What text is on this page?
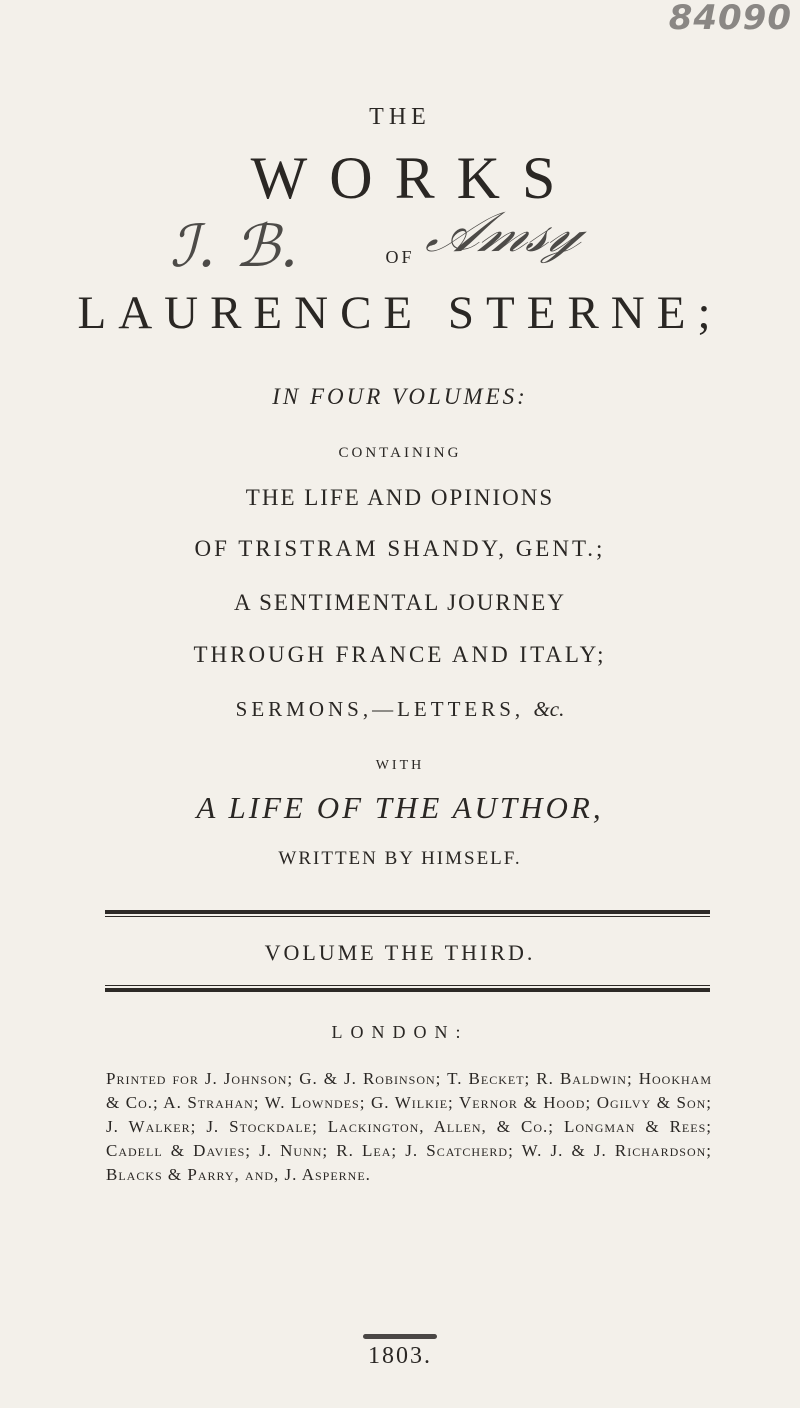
84090
THE
WORKS
ℐ. ℬ.	OF 𝒜𝓂𝓈𝓎
LAURENCE STERNE;
IN FOUR VOLUMES:
CONTAINING
THE LIFE AND OPINIONS
OF TRISTRAM SHANDY, GENT.;
A SENTIMENTAL JOURNEY
THROUGH FRANCE AND ITALY;
SERMONS,—LETTERS, &c.
WITH
A LIFE OF THE AUTHOR,
WRITTEN BY HIMSELF.
VOLUME THE THIRD.
LONDON:
Printed for J. Johnson; G. & J. Robinson; T. Becket; R. Baldwin; Hookham & Co.; A. Strahan; W. Lowndes; G. Wilkie; Vernor & Hood; Ogilvy & Son; J. Walker; J. Stockdale; Lackington, Allen, & Co.; Longman & Rees; Cadell & Davies; J. Nunn; R. Lea; J. Scatcherd; W. J. & J. Richardson; Blacks & Parry, and, J. Asperne.
1803.
